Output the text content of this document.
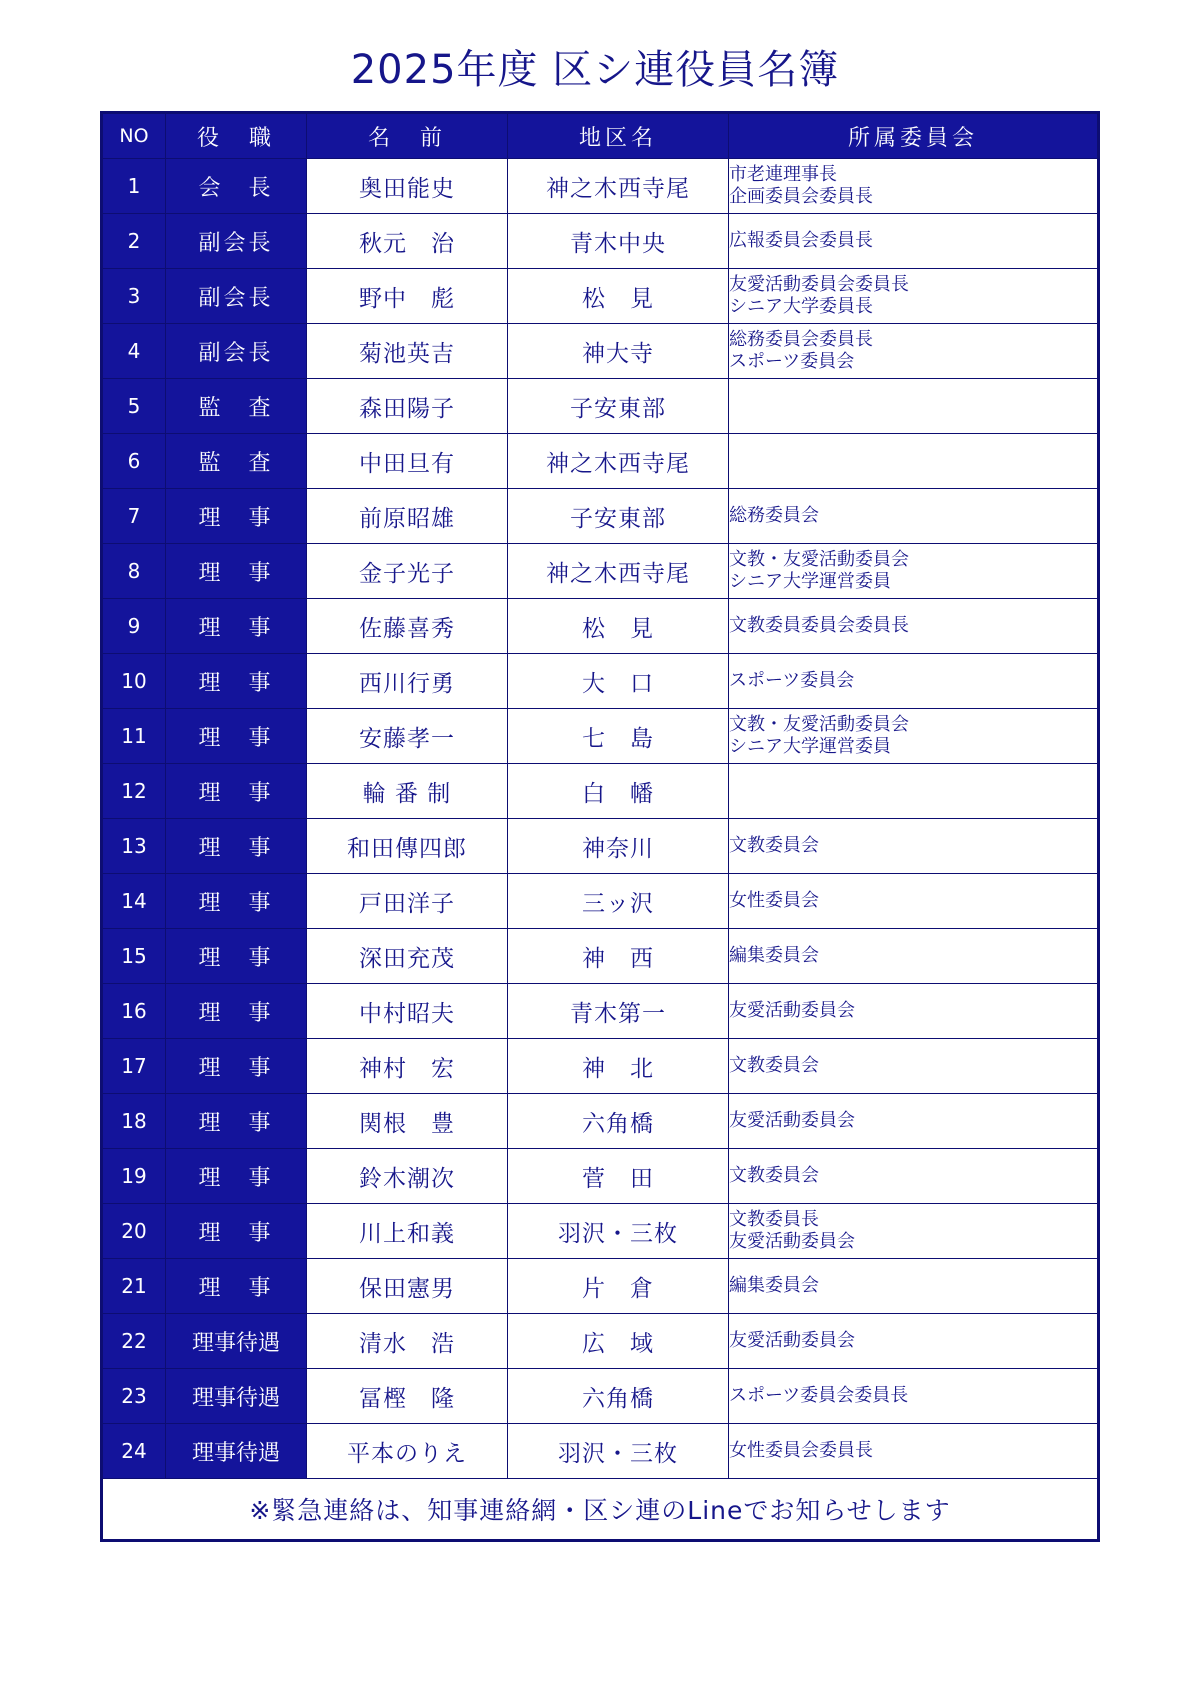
2025年度 区シ連役員名簿
NO	役　職	名　前	地区名	所属委員会
1	会　長	奥田能史	神之木西寺尾	市老連理事長
企画委員会委員長

2	副会長	秋元　治	青木中央	広報委員会委員長
3	副会長	野中　彪	松　見	友愛活動委員会委員長
シニア大学委員長

4	副会長	菊池英吉	神大寺	総務委員会委員長
スポーツ委員会

5	監　査	森田陽子	子安東部	
6	監　査	中田旦有	神之木西寺尾	
7	理　事	前原昭雄	子安東部	総務委員会
8	理　事	金子光子	神之木西寺尾	文教・友愛活動委員会
シニア大学運営委員

9	理　事	佐藤喜秀	松　見	文教委員委員会委員長
10	理　事	西川行勇	大　口	スポーツ委員会
11	理　事	安藤孝一	七　島	文教・友愛活動委員会
シニア大学運営委員

12	理　事	輪 番 制	白　幡	
13	理　事	和田傳四郎	神奈川	文教委員会
14	理　事	戸田洋子	三ッ沢	女性委員会
15	理　事	深田充茂	神　西	編集委員会
16	理　事	中村昭夫	青木第一	友愛活動委員会
17	理　事	神村　宏	神　北	文教委員会
18	理　事	関根　豊	六角橋	友愛活動委員会
19	理　事	鈴木潮次	菅　田	文教委員会
20	理　事	川上和義	羽沢・三枚	文教委員長
友愛活動委員会

21	理　事	保田憲男	片　倉	編集委員会
22	理事待遇	清水　浩	広　域	友愛活動委員会
23	理事待遇	冨樫　隆	六角橋	スポーツ委員会委員長
24	理事待遇	平本のりえ	羽沢・三枚	女性委員会委員長
※緊急連絡は、知事連絡網・区シ連のLineでお知らせします				
